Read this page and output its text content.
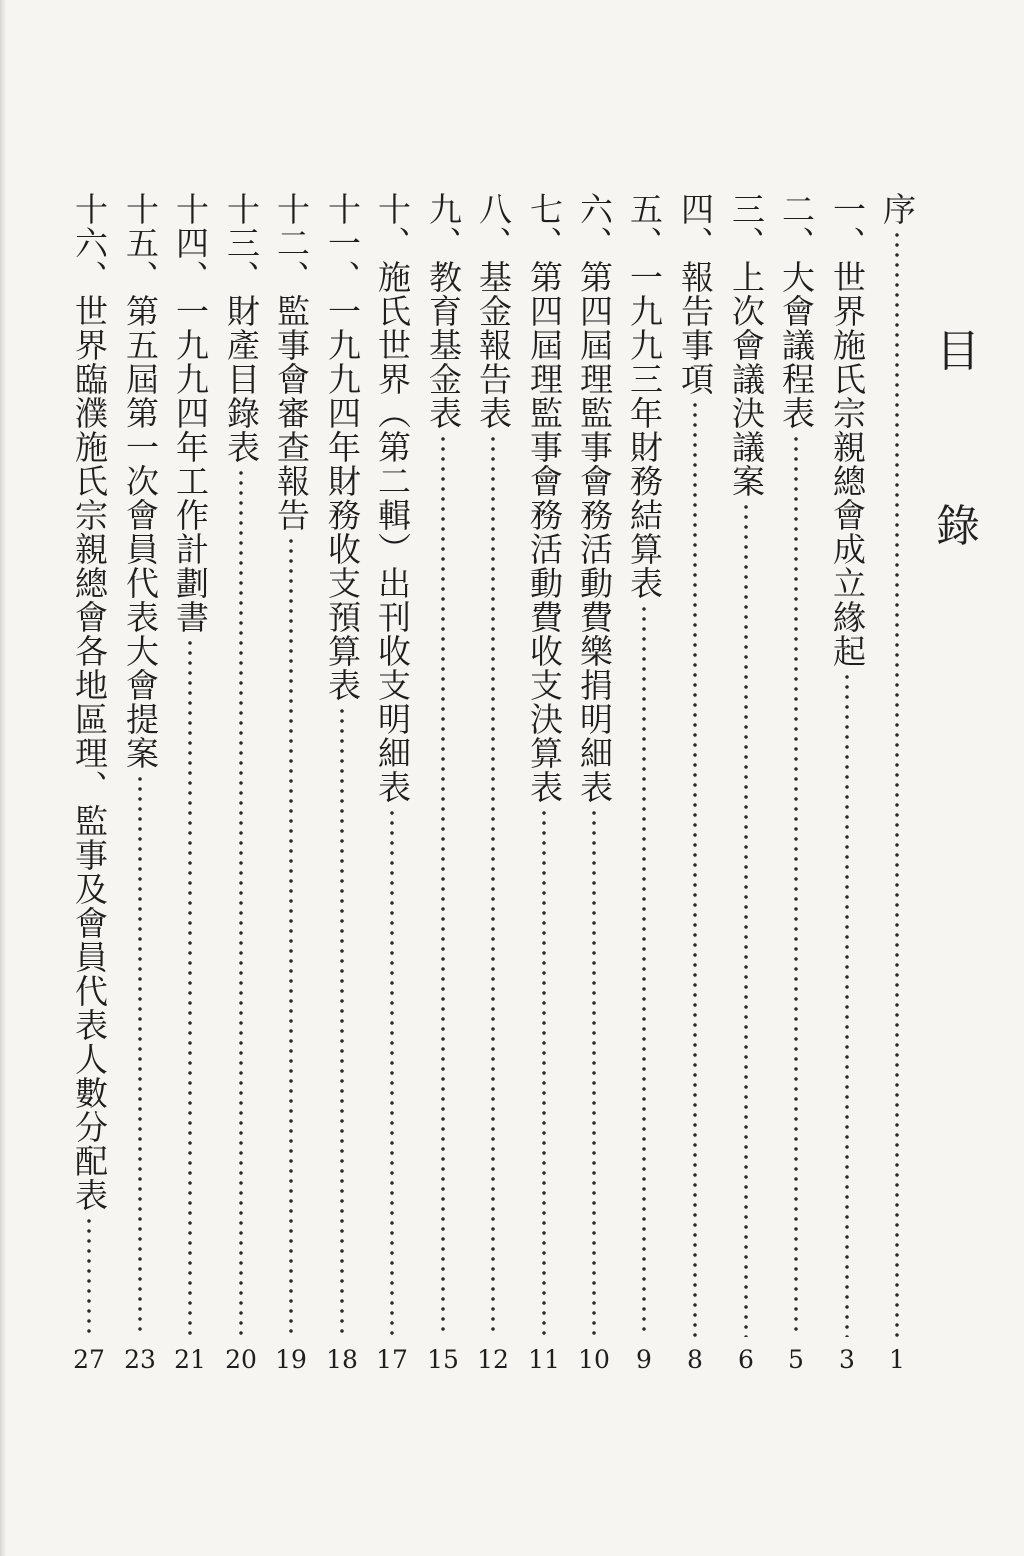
目
錄
序
1
一、世界施氏宗親總會成立緣起
3
二、大會議程表
5
三、上次會議決議案
6
四、報告事項
8
五、一九九三年財務結算表
9
六、第四屆理監事會務活動費樂捐明細表
10
七、第四屆理監事會務活動費收支決算表
11
八、基金報告表
12
九、教育基金表
15
十、施氏世界（第二輯）出刊收支明細表
17
十一、一九九四年財務收支預算表
18
十二、監事會審查報告
19
十三、財產目錄表
20
十四、一九九四年工作計劃書
21
十五、第五屆第一次會員代表大會提案
23
十六、世界臨濮施氏宗親總會各地區理、監事及會員代表人數分配表
27
